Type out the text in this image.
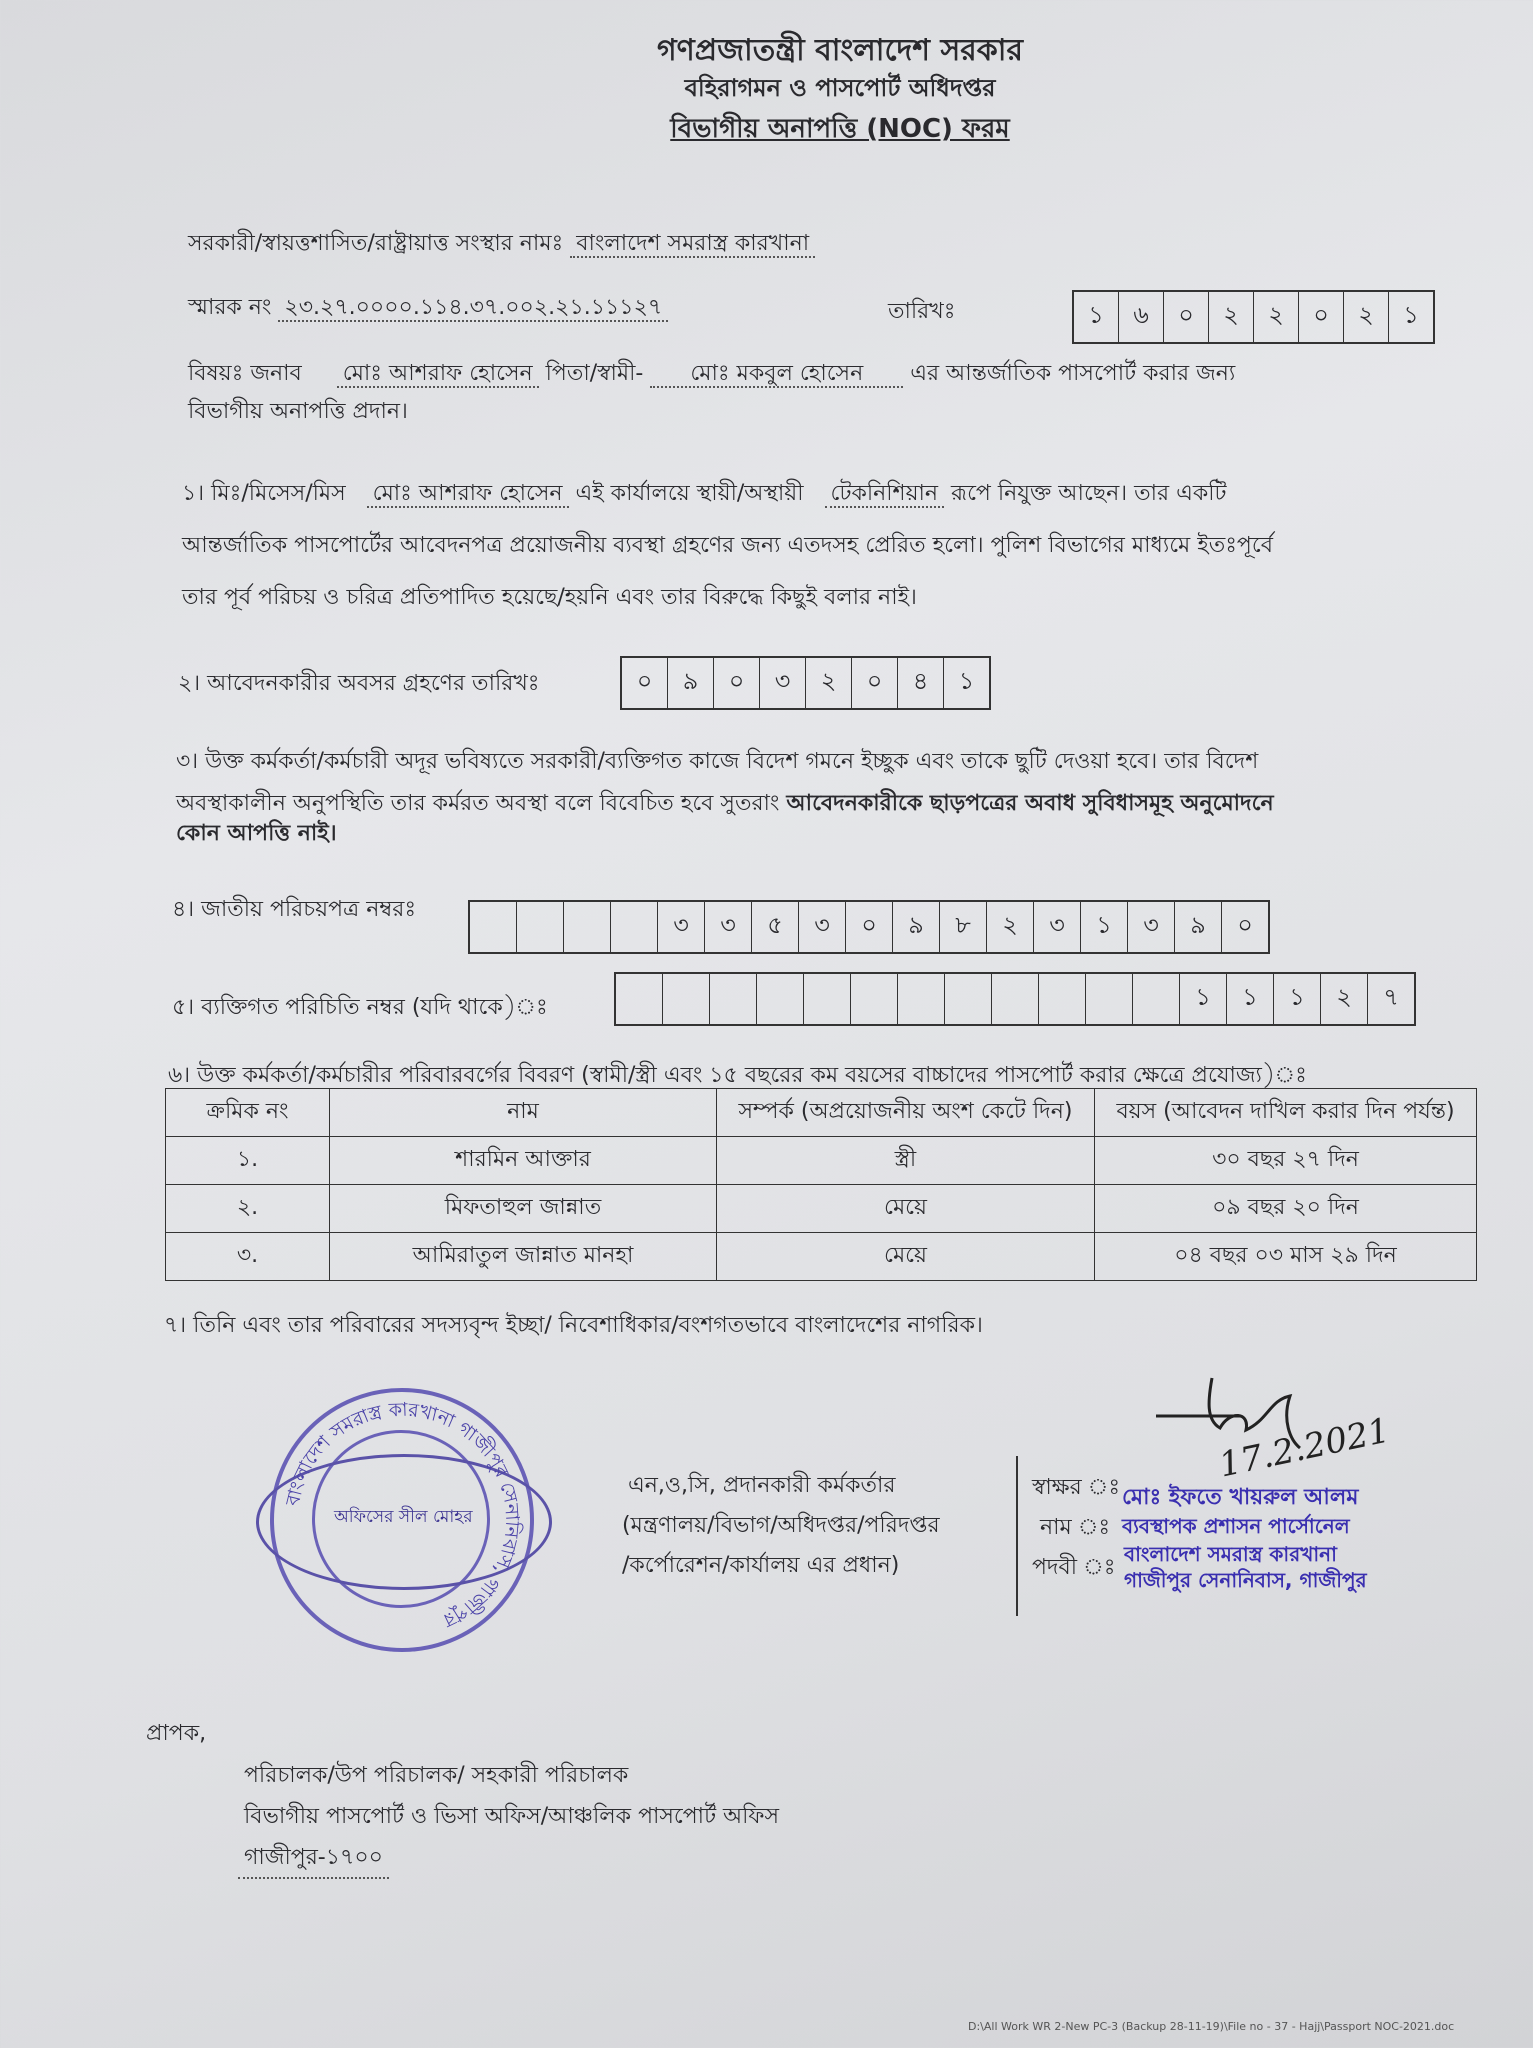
গণপ্রজাতন্ত্রী বাংলাদেশ সরকার
বহিরাগমন ও পাসপোর্ট অধিদপ্তর
বিভাগীয় অনাপত্তি (NOC) ফরম
সরকারী/স্বায়ত্তশাসিত/রাষ্ট্রায়াত্ত সংস্থার নামঃ বাংলাদেশ সমরাস্ত্র কারখানা
স্মারক নং ২৩.২৭.০০০০.১১৪.৩৭.০০২.২১.১১১২৭	তারিখঃ	১	৬	০	২	২	০	২	১
বিষয়ঃ জনাব মোঃ আশরাফ হোসেন পিতা/স্বামী- মোঃ মকবুল হোসেন এর আন্তর্জাতিক পাসপোর্ট করার জন্য
বিভাগীয় অনাপত্তি প্রদান।
১। মিঃ/মিসেস/মিস মোঃ আশরাফ হোসেন এই কার্যালয়ে স্থায়ী/অস্থায়ী টেকনিশিয়ান রূপে নিযুক্ত আছেন। তার একটি
আন্তর্জাতিক পাসপোর্টের আবেদনপত্র প্রয়োজনীয় ব্যবস্থা গ্রহণের জন্য এতদসহ প্রেরিত হলো। পুলিশ বিভাগের মাধ্যমে ইতঃপূর্বে
তার পূর্ব পরিচয় ও চরিত্র প্রতিপাদিত হয়েছে/হয়নি এবং তার বিরুদ্ধে কিছুই বলার নাই।
২। আবেদনকারীর অবসর গ্রহণের তারিখঃ	০	৯	০	৩	২	০	৪	১
৩। উক্ত কর্মকর্তা/কর্মচারী অদূর ভবিষ্যতে সরকারী/ব্যক্তিগত কাজে বিদেশ গমনে ইচ্ছুক এবং তাকে ছুটি দেওয়া হবে। তার বিদেশ
অবস্থাকালীন অনুপস্থিতি তার কর্মরত অবস্থা বলে বিবেচিত হবে সুতরাং আবেদনকারীকে ছাড়পত্রের অবাধ সুবিধাসমূহ অনুমোদনে
কোন আপত্তি নাই।
৪। জাতীয় পরিচয়পত্র নম্বরঃ
৩	৩	৫	৩	০	৯	৮	২	৩	১	৩	৯	০
৫। ব্যক্তিগত পরিচিতি নম্বর (যদি থাকে)ঃ	১	১	১	২	৭
৬। উক্ত কর্মকর্তা/কর্মচারীর পরিবারবর্গের বিবরণ (স্বামী/স্ত্রী এবং ১৫ বছরের কম বয়সের বাচ্চাদের পাসপোর্ট করার ক্ষেত্রে প্রযোজ্য)ঃ
ক্রমিক নং	নাম	সম্পর্ক (অপ্রয়োজনীয় অংশ কেটে দিন)	বয়স (আবেদন দাখিল করার দিন পর্যন্ত)
১.	শারমিন আক্তার	স্ত্রী	৩০ বছর ২৭ দিন
২.	মিফতাহুল জান্নাত	মেয়ে	০৯ বছর ২০ দিন
৩.	আমিরাতুল জান্নাত মানহা	মেয়ে	০৪ বছর ০৩ মাস ২৯ দিন
৭। তিনি এবং তার পরিবারের সদস্যবৃন্দ ইচ্ছা/ নিবেশাধিকার/বংশগতভাবে বাংলাদেশের নাগরিক।
বাংলাদেশ সমরাস্ত্র কারখানা গাজীপুর সেনানিবাস, গাজীপুর
অফিসের সীল মোহর
এন,ও,সি, প্রদানকারী কর্মকর্তার
(মন্ত্রণালয়/বিভাগ/অধিদপ্তর/পরিদপ্তর
/কর্পোরেশন/কার্যালয় এর প্রধান)
স্বাক্ষর ঃ
নাম ঃ
পদবী ঃ
মোঃ ইফতে খায়রুল আলম
ব্যবস্থাপক প্রশাসন পার্সোনেল
বাংলাদেশ সমরাস্ত্র কারখানা
গাজীপুর সেনানিবাস, গাজীপুর
17.2.2021
প্রাপক,
পরিচালক/উপ পরিচালক/ সহকারী পরিচালক
বিভাগীয় পাসপোর্ট ও ভিসা অফিস/আঞ্চলিক পাসপোর্ট অফিস
গাজীপুর-১৭০০
D:\All Work WR 2-New PC-3 (Backup 28-11-19)\File no - 37 - Hajj\Passport NOC-2021.doc
